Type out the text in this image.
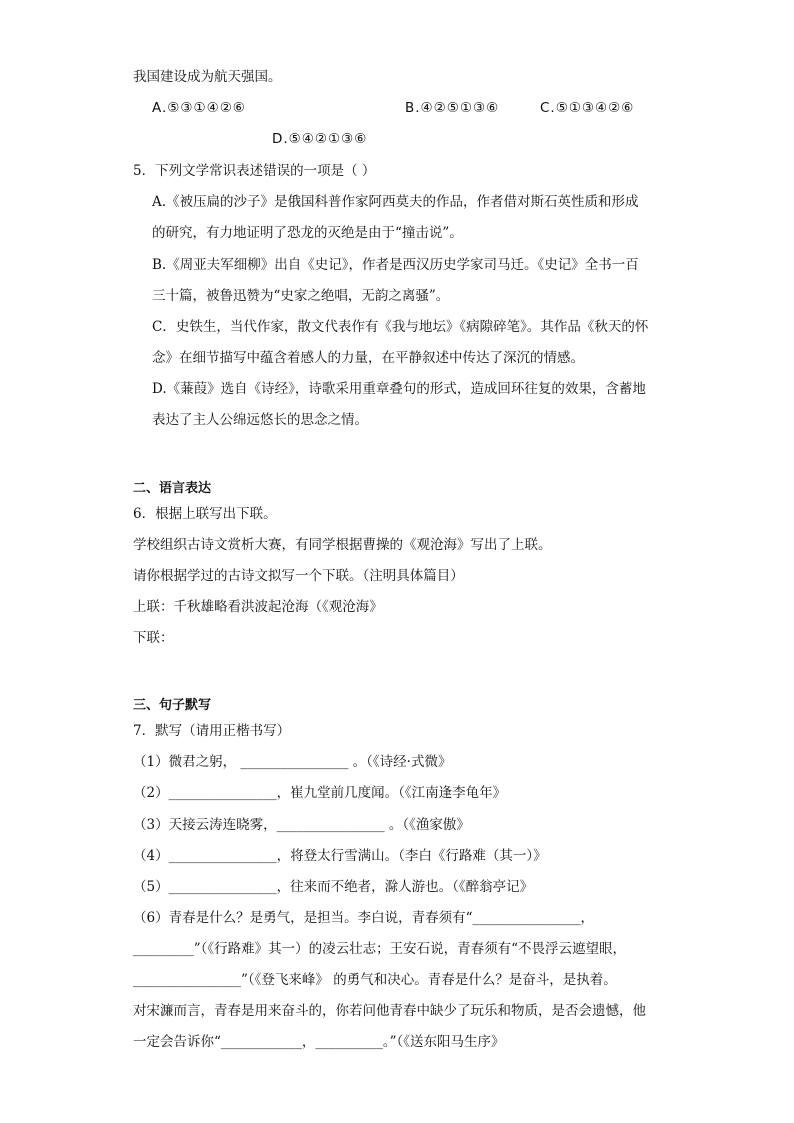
我国建设成为航天强国。
A.⑤③①④②⑥	B.④②⑤①③⑥	C.⑤①③④②⑥
D.⑤④②①③⑥
5．下列文学常识表述错误的一项是（ ）
A.《被压扁的沙子》是俄国科普作家阿西莫夫的作品，作者借对斯石英性质和形成
的研究，有力地证明了恐龙的灭绝是由于“撞击说”。
B.《周亚夫军细柳》出自《史记》，作者是西汉历史学家司马迁。《史记》全书一百
三十篇，被鲁迅赞为“史家之绝唱，无韵之离骚”。
C．史铁生，当代作家，散文代表作有《我与地坛》《病隙碎笔》。其作品《秋天的怀
念》在细节描写中蕴含着感人的力量，在平静叙述中传达了深沉的情感。
D.《蒹葭》选自《诗经》，诗歌采用重章叠句的形式，造成回环往复的效果，含蓄地
表达了主人公绵远悠长的思念之情。
二、语言表达
6．根据上联写出下联。
学校组织古诗文赏析大赛，有同学根据曹操的《观沧海》写出了上联。
请你根据学过的古诗文拟写一个下联。（注明具体篇目）
上联：千秋雄略看洪波起沧海（《观沧海》
下联：
三、句子默写
7．默写（请用正楷书写）
（1）微君之躬， ________________ 。（《诗经·式微》
（2）________________，崔九堂前几度闻。（《江南逢李龟年》
（3）天接云涛连晓雾，________________ 。（《渔家傲》
（4）________________，将登太行雪满山。（李白《行路难（其一）》
（5）________________，往来而不绝者，滁人游也。（《醉翁亭记》
（6）青春是什么？是勇气，是担当。李白说，青春须有“________________，
_________”（《行路难》其一）的凌云壮志；王安石说，青春须有“不畏浮云遮望眼，
________________”（《登飞来峰》 的勇气和决心。青春是什么？是奋斗，是执着。
对宋濂而言，青春是用来奋斗的，你若问他青春中缺少了玩乐和物质，是否会遗憾，他
一定会告诉你“____________，__________。”（《送东阳马生序》
